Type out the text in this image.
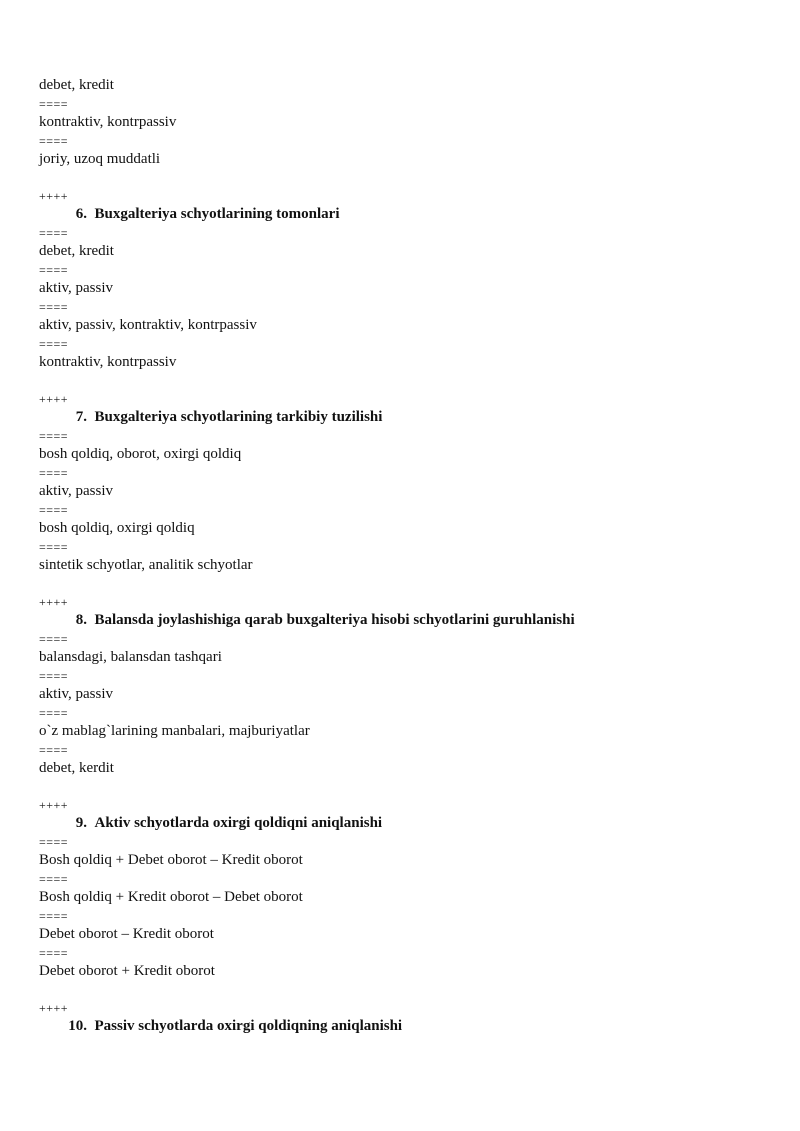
debet, kredit
====
kontraktiv, kontrpassiv
====
joriy, uzoq muddatli
++++
6. Buxgalteriya schyotlarining tomonlari
====
debet, kredit
====
aktiv, passiv
====
aktiv, passiv, kontraktiv, kontrpassiv
====
kontraktiv, kontrpassiv
++++
7. Buxgalteriya schyotlarining tarkibiy tuzilishi
====
bosh qoldiq, oborot, oxirgi qoldiq
====
aktiv, passiv
====
bosh qoldiq, oxirgi qoldiq
====
sintetik schyotlar, analitik schyotlar
++++
8. Balansda joylashishiga qarab buxgalteriya hisobi schyotlarini guruhlanishi
====
balansdagi, balansdan tashqari
====
aktiv, passiv
====
o`z mablag`larining manbalari, majburiyatlar
====
debet, kerdit
++++
9. Aktiv schyotlarda oxirgi qoldiqni aniqlanishi
====
Bosh qoldiq + Debet oborot – Kredit oborot
====
Bosh qoldiq + Kredit oborot – Debet oborot
====
Debet oborot – Kredit oborot
====
Debet oborot + Kredit oborot
++++
10. Passiv schyotlarda oxirgi qoldiqning aniqlanishi
